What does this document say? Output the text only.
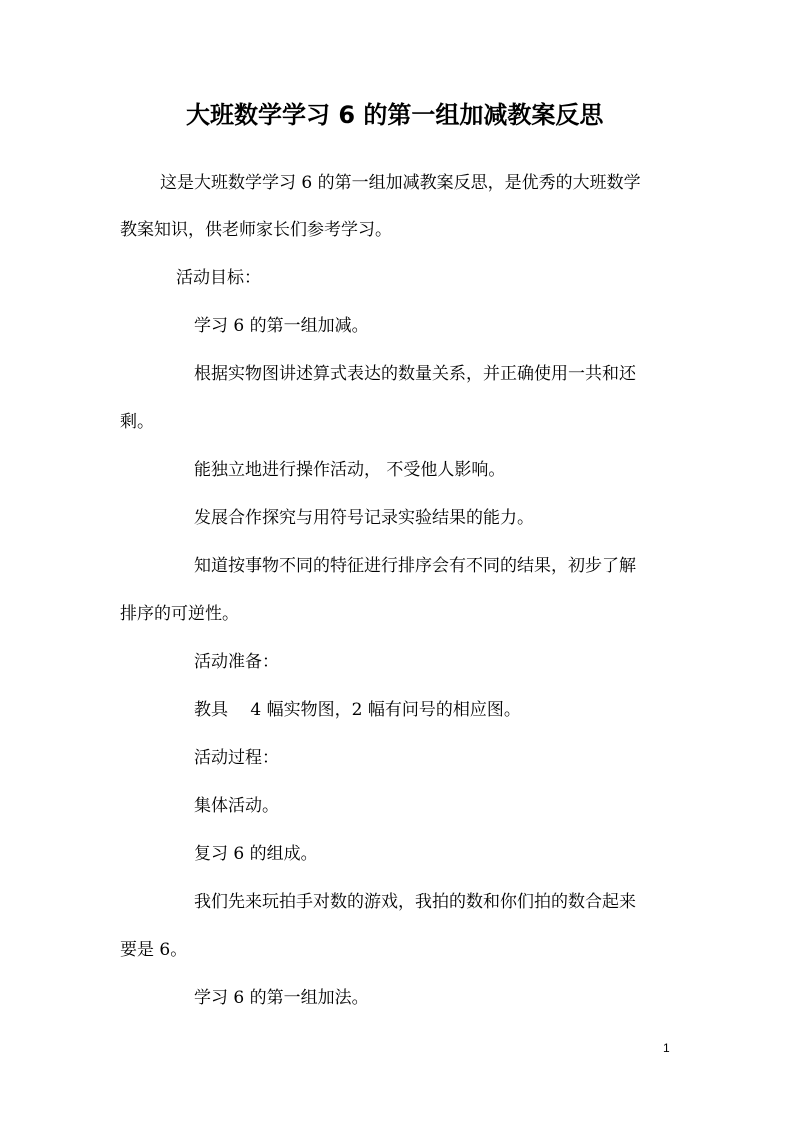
大班数学学习 6 的第一组加减教案反思
这是大班数学学习 6 的第一组加减教案反思，是优秀的大班数学
教案知识，供老师家长们参考学习。
活动目标：
学习 6 的第一组加减。
根据实物图讲述算式表达的数量关系，并正确使用一共和还
剩。
能独立地进行操作活动， 不受他人影响。
发展合作探究与用符号记录实验结果的能力。
知道按事物不同的特征进行排序会有不同的结果，初步了解
排序的可逆性。
活动准备：
教具　 4 幅实物图，2 幅有问号的相应图。
活动过程：
集体活动。
复习 6 的组成。
我们先来玩拍手对数的游戏，我拍的数和你们拍的数合起来
要是 6。
学习 6 的第一组加法。
1
